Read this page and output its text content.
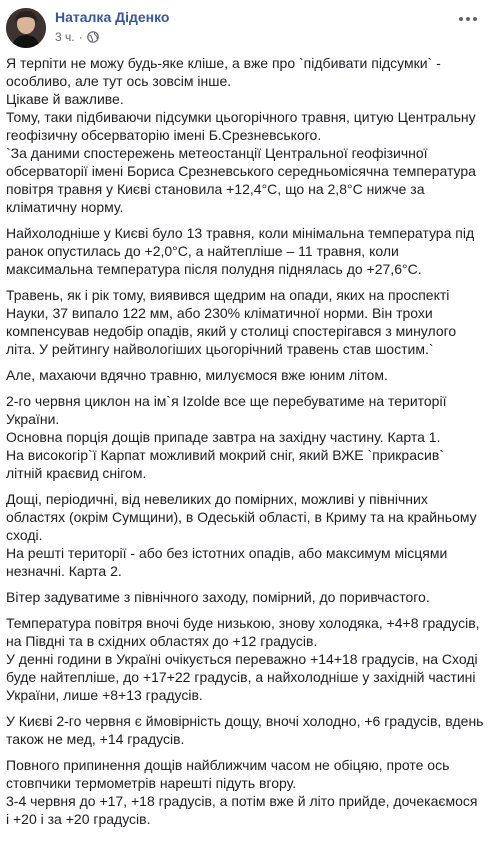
Наталка Діденко
3 ч. ·

Я терпіти не можу будь-яке кліше, а вже про `підбивати підсумки` - особливо, але тут ось зовсім інше.
Цікаве й важливе.
Тому, таки підбиваючи підсумки цьогорічного травня, цитую Центральну геофізичну обсерваторію імені Б.Срезневського.
`За даними спостережень метеостанції Центральної геофізичної обсерваторії імені Бориса Срезневського середньомісячна температура повітря травня у Києві становила +12,4°С, що на 2,8°С нижче за кліматичну норму.

Найхолодніше у Києві було 13 травня, коли мінімальна температура під ранок опустилась до +2,0°С, а найтепліше – 11 травня, коли максимальна температура після полудня піднялась до +27,6°С.

Травень, як і рік тому, виявився щедрим на опади, яких на проспекті Науки, 37 випало 122 мм, або 230% кліматичної норми. Він трохи компенсував недобір опадів, який у столиці спостерігався з минулого літа. У рейтингу найвологіших цьогорічний травень став шостим.`

Але, махаючи вдячно травню, милуємося вже юним літом.

2-го червня циклон на ім`я Izolde все ще перебуватиме на території України.
Основна порція дощів припаде завтра на західну частину. Карта 1.
На високогір`ї Карпат можливий мокрий сніг, який ВЖЕ `прикрасив` літній краєвид снігом.

Дощі, періодичні, від невеликих до помірних, можливі у північних областях (окрім Сумщини), в Одеській області, в Криму та на крайньому сході.
На решті території - або без істотних опадів, або максимум місцями незначні. Карта 2.

Вітер задуватиме з північного заходу, помірний, до поривчастого.

Температура повітря вночі буде низькою, знову холодяка, +4+8 градусів, на Півдні та в східних областях до +12 градусів.
У денні години в Україні очікується переважно +14+18 градусів, на Сході буде найтепліше, до +17+22 градусів, а найхолодніше у західній частині України, лише +8+13 градусів.

У Києві 2-го червня є ймовірність дощу, вночі холодно, +6 градусів, вдень також не мед, +14 градусів.

Повного припинення дощів найближчим часом не обіцяю, проте ось стовпчики термометрів нарешті підуть вгору.
3-4 червня до +17, +18 градусів, а потім вже й літо прийде, дочекаємося і +20 і за +20 градусів.
